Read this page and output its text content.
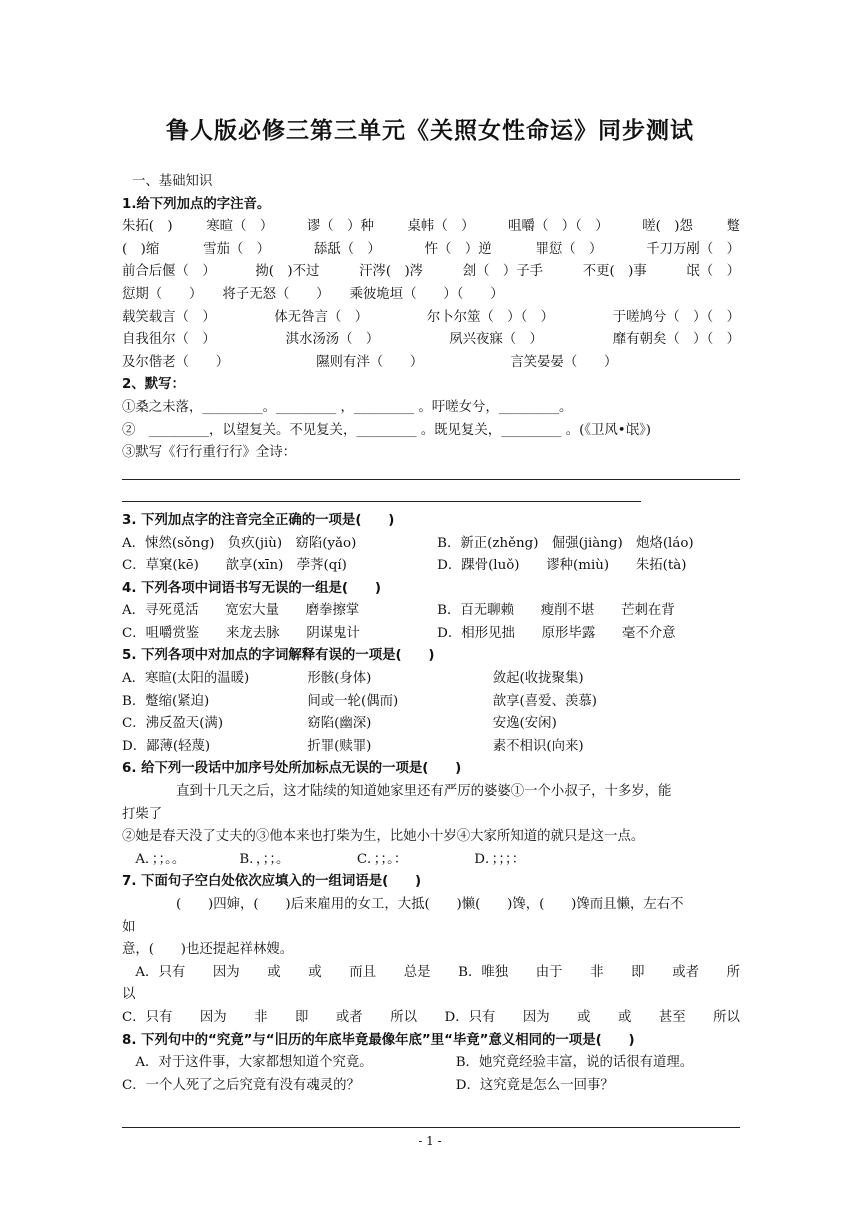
鲁人版必修三第三单元《关照女性命运》同步测试
一、基础知识
1.给下列加点的字注音。
朱拓(　)	寒暄（　）	谬（　）种	桌帏（　）	咀嚼（　）（　）	嗟(　)怨	蹩
(　)缩	雪茄（　）	舔舐（　）	忤（　）逆	罪愆（　）	千刀万剐（　）
前合后偃（　）	拗(　)不过	汗涔(　)涔	刽（　）子手	不更(　)事	氓（　）
愆期（　　）　　将子无怒（　　）　　乘彼垝垣（　　）（　　）
载笑载言（　）	体无咎言（　）	尔卜尔筮（　）（　）	于嗟鸠兮（　）（　）
自我徂尔（　）	淇水汤汤（　）	夙兴夜寐（　）	靡有朝矣（　）（　）
及尔偕老（　　）　　　　　　　隰则有泮（　　）　　　　　　　言笑晏晏（　　）
2、默写：
①桑之未落，_________。_________ ，_________ 。吁嗟女兮，_________。
②　_________，以望复关。不见复关，_________ 。既见复关，_________ 。(《卫风•氓》)
③默写《行行重行行》全诗：
3. 下列加点字的注音完全正确的一项是(　　)
A．悚然(sǒng)　负疚(jiù)　窈陷(yǎo)	B．新正(zhěng)　倔强(jiàng)　炮烙(láo)
C．草窠(kē)　　歆享(xīn)　荸荠(qí)	D．踝骨(luǒ)　　谬种(miù)　　朱拓(tà)
4. 下列各项中词语书写无误的一组是(　　)
A．寻死觅活　　宽宏大量　　磨拳擦掌	B．百无聊赖　　瘦削不堪　　芒刺在背
C．咀嚼赏鉴　　来龙去脉　　阴谋鬼计	D．相形见拙　　原形毕露　　毫不介意
5. 下列各项中对加点的字词解释有误的一项是(　　)
A．寒暄(太阳的温暖)	形骸(身体)	敛起(收拢聚集)
B．蹩缩(紧迫)	间或一轮(偶而)	歆享(喜爱、羡慕)
C．沸反盈天(满)	窈陷(幽深)	安逸(安闲)
D．鄙薄(轻蔑)	折罪(赎罪)	素不相识(向来)
6. 给下列一段话中加序号处所加标点无误的一项是(　　)
直到十几天之后，这才陆续的知道她家里还有严厉的婆婆①一个小叔子，十多岁，能
打柴了
②她是春天没了丈夫的③他本来也打柴为生，比她小十岁④大家所知道的就只是这一点。
　A．；；。。	B．，；；。	C．；；。：	D．；；；：
7. 下面句子空白处依次应填入的一组词语是(　　)
(　　)四婶，(　　)后来雇用的女工，大抵(　　)懒(　　)馋，(　　)馋而且懒，左右不
如
意，(　　)也还提起祥林嫂。
　A．只有 因为 或 或 而且 总是 B．唯独 由于 非 即 或者 所
以
C．只有 因为 非 即 或者 所以 D．只有 因为 或 或 甚至 所以
8. 下列句中的“究竟”与“旧历的年底毕竟最像年底”里“毕竟”意义相同的一项是(　　)
　A．对于这件事，大家都想知道个究竟。	B．她究竟经验丰富，说的话很有道理。
C．一个人死了之后究竟有没有魂灵的？	D．这究竟是怎么一回事？
- 1 -
